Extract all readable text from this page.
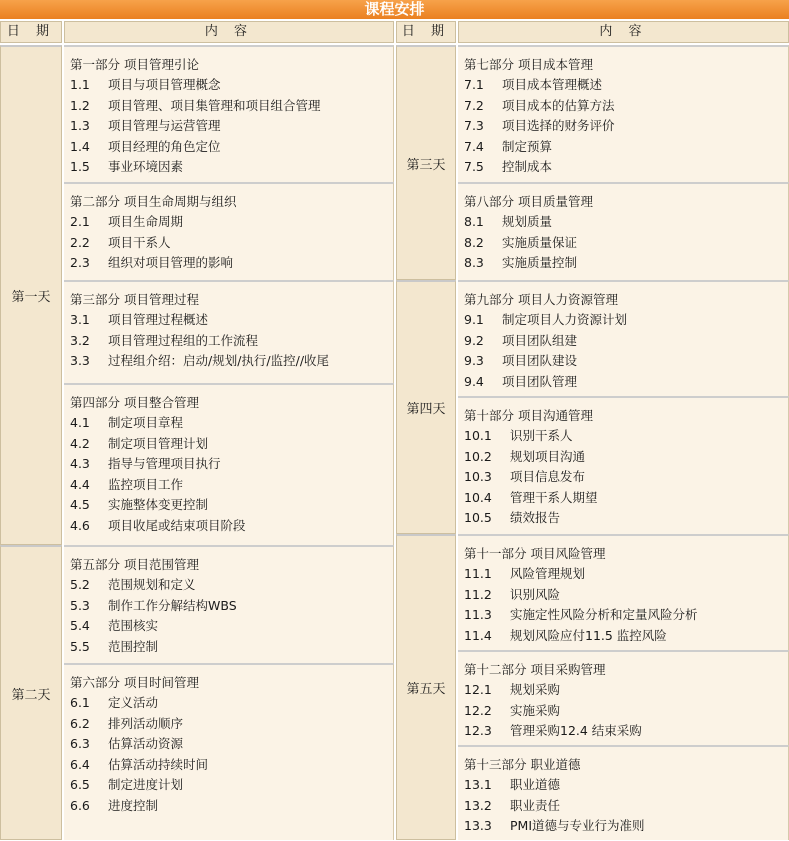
课程安排
日 期	内 容	日 期	内 容
第一天
第一部分 项目管理引论
1.1 项目与项目管理概念
1.2 项目管理、项目集管理和项目组合管理
1.3 项目管理与运营管理
1.4 项目经理的角色定位
1.5 事业环境因素
第二部分 项目生命周期与组织
2.1 项目生命周期
2.2 项目干系人
2.3 组织对项目管理的影响
第三部分 项目管理过程
3.1 项目管理过程概述
3.2 项目管理过程组的工作流程
3.3 过程组介绍：启动/规划/执行/监控//收尾
第四部分 项目整合管理
4.1 制定项目章程
4.2 制定项目管理计划
4.3 指导与管理项目执行
4.4 监控项目工作
4.5 实施整体变更控制
4.6 项目收尾或结束项目阶段
第二天
第五部分 项目范围管理
5.2 范围规划和定义
5.3 制作工作分解结构WBS
5.4 范围核实
5.5 范围控制
第六部分 项目时间管理
6.1 定义活动
6.2 排列活动顺序
6.3 估算活动资源
6.4 估算活动持续时间
6.5 制定进度计划
6.6 进度控制
第三天
第七部分 项目成本管理
7.1 项目成本管理概述
7.2 项目成本的估算方法
7.3 项目选择的财务评价
7.4 制定预算
7.5 控制成本
第八部分 项目质量管理
8.1 规划质量
8.2 实施质量保证
8.3 实施质量控制
第四天
第九部分 项目人力资源管理
9.1 制定项目人力资源计划
9.2 项目团队组建
9.3 项目团队建设
9.4 项目团队管理
第十部分 项目沟通管理
10.1 识别干系人
10.2 规划项目沟通
10.3 项目信息发布
10.4 管理干系人期望
10.5 绩效报告
第五天
第十一部分 项目风险管理
11.1 风险管理规划
11.2 识别风险
11.3 实施定性风险分析和定量风险分析
11.4 规划风险应付11.5 监控风险
第十二部分 项目采购管理
12.1 规划采购
12.2 实施采购
12.3 管理采购12.4 结束采购
第十三部分 职业道德
13.1 职业道德
13.2 职业责任
13.3 PMI道德与专业行为准则
